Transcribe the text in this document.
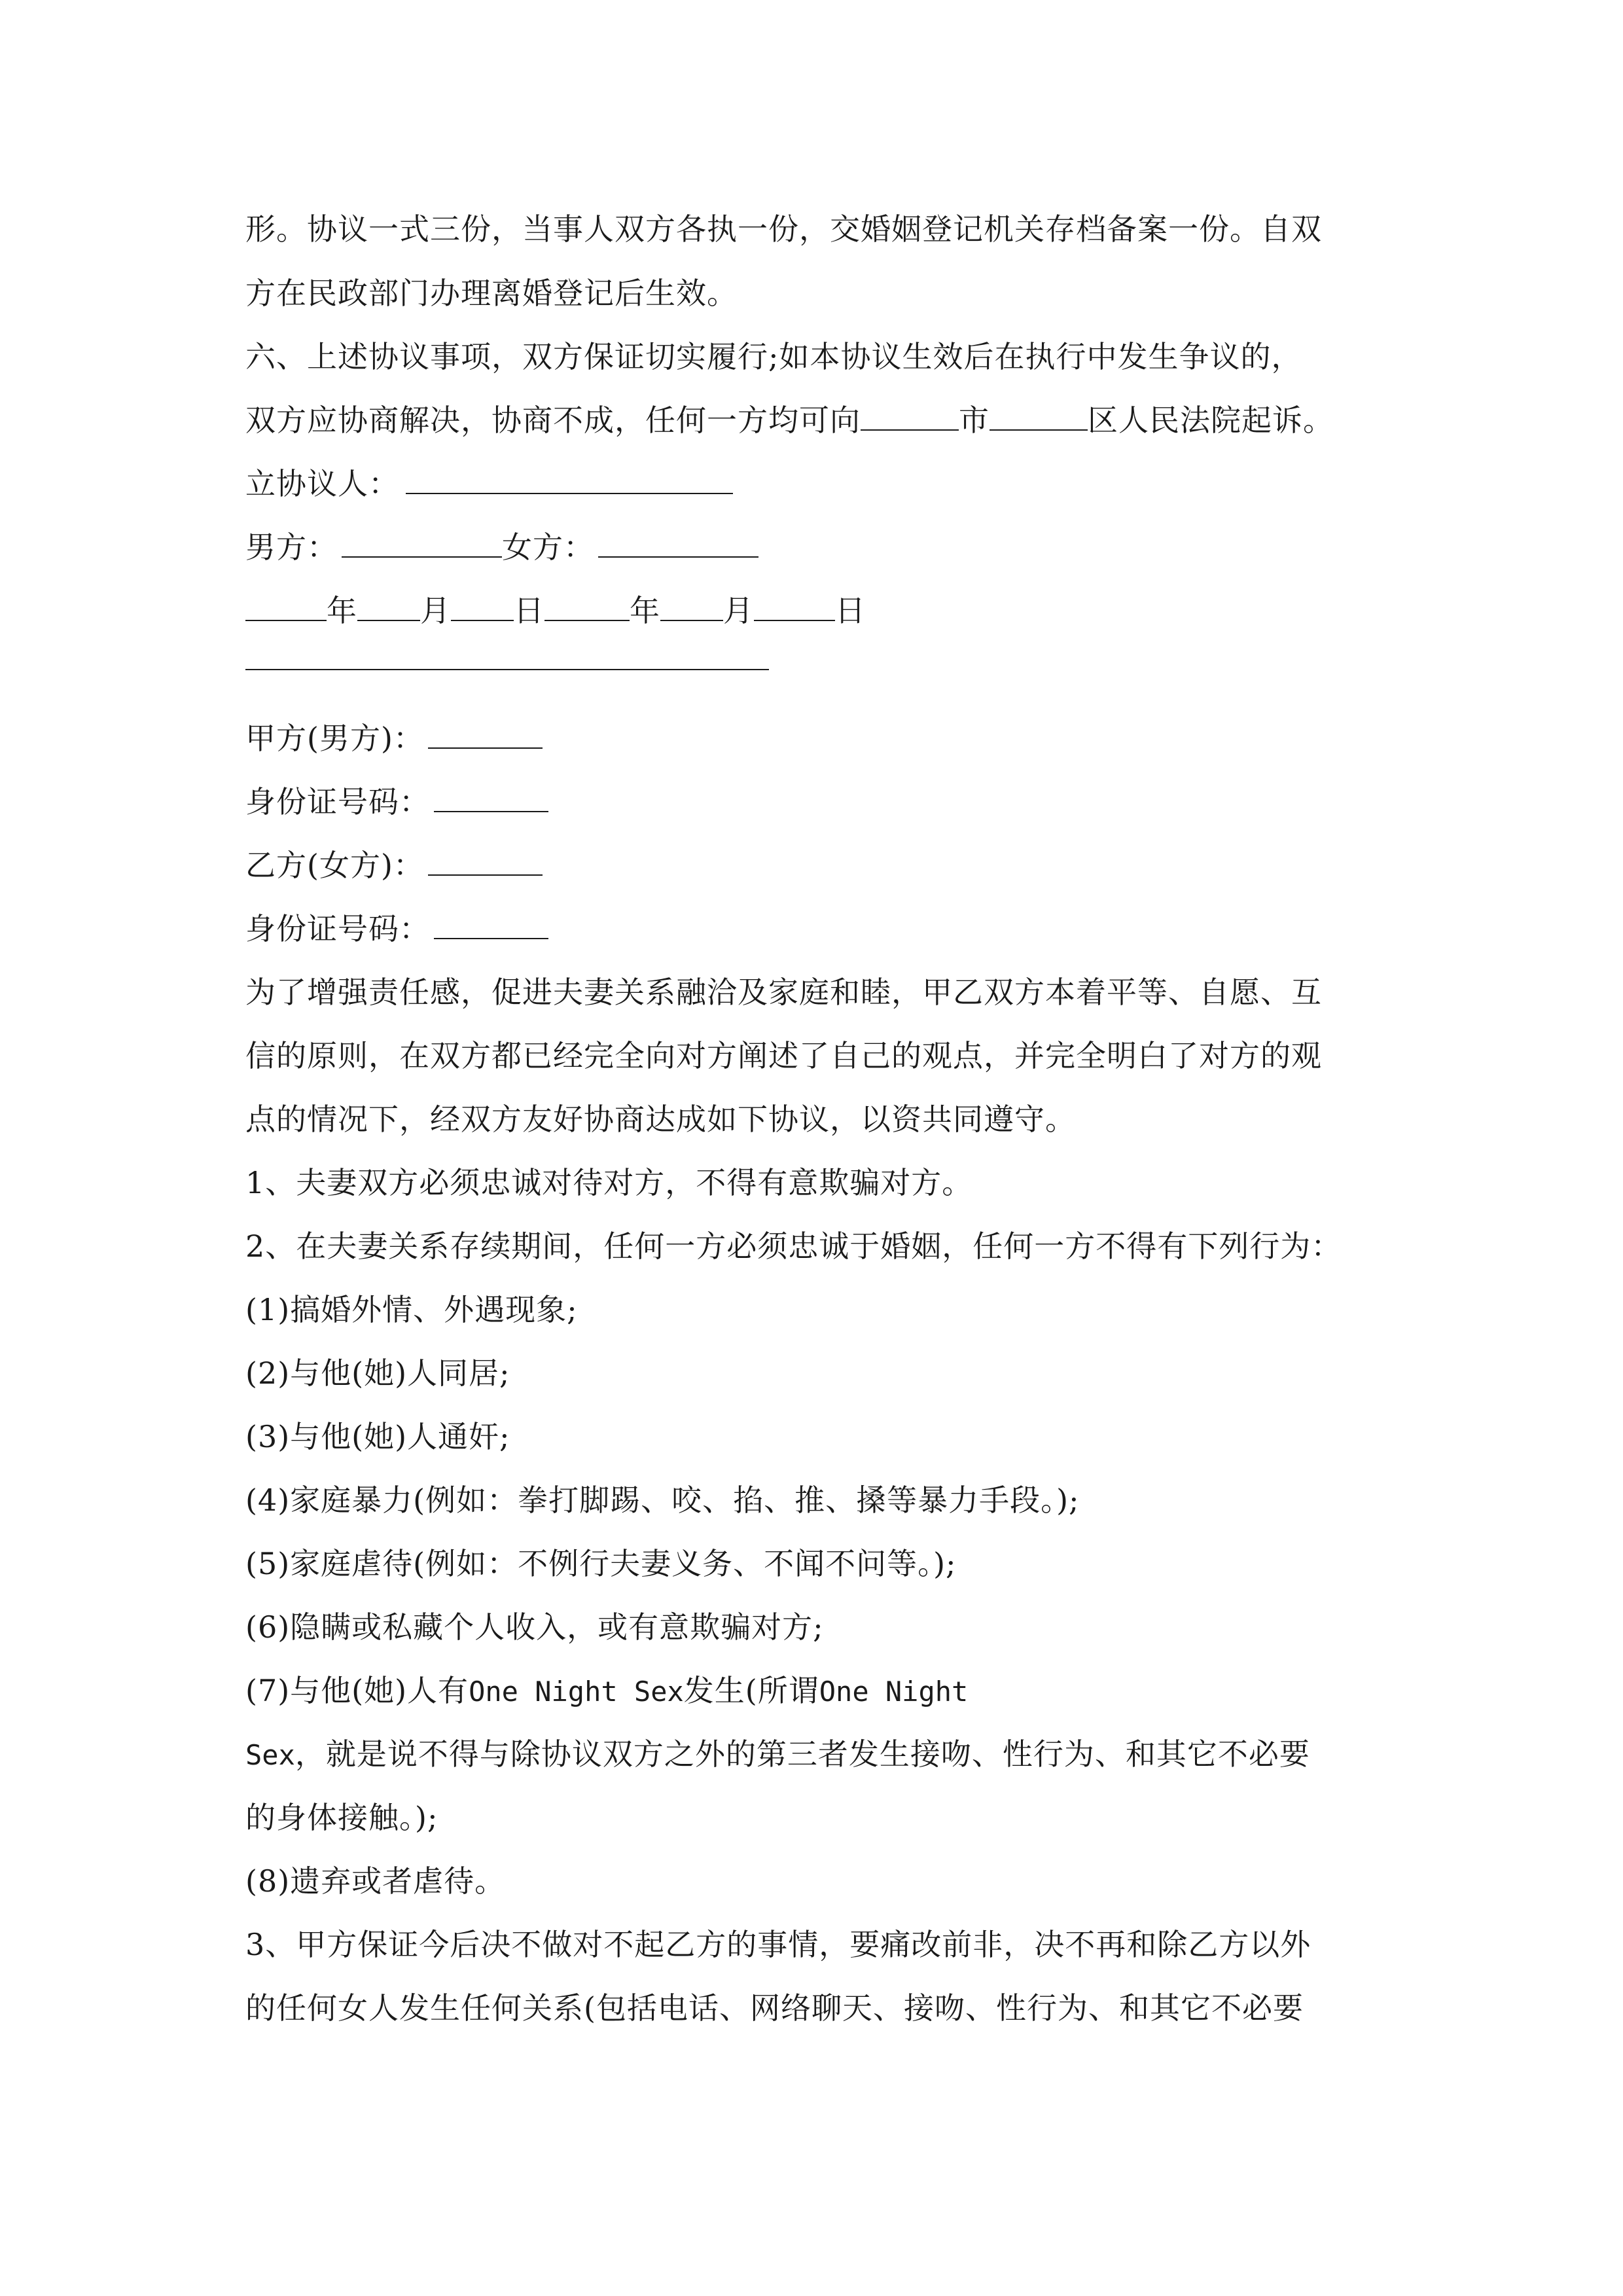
形。协议一式三份，当事人双方各执一份，交婚姻登记机关存档备案一份。自双
方在民政部门办理离婚登记后生效。
六、上述协议事项，双方保证切实履行;如本协议生效后在执行中发生争议的，
双方应协商解决，协商不成，任何一方均可向	市	区人民法院起诉。
立协议人：
男方：	女方：
年 月 日	年 月	日
甲方(男方)：
身份证号码：
乙方(女方)：
身份证号码：
为了增强责任感，促进夫妻关系融洽及家庭和睦，甲乙双方本着平等、自愿、互
信的原则，在双方都已经完全向对方阐述了自己的观点，并完全明白了对方的观
点的情况下，经双方友好协商达成如下协议，以资共同遵守。
1、夫妻双方必须忠诚对待对方，不得有意欺骗对方。
2、在夫妻关系存续期间，任何一方必须忠诚于婚姻，任何一方不得有下列行为：
(1)搞婚外情、外遇现象;
(2)与他(她)人同居;
(3)与他(她)人通奸;
(4)家庭暴力(例如：拳打脚踢、咬、掐、推、搡等暴力手段。);
(5)家庭虐待(例如：不例行夫妻义务、不闻不问等。);
(6)隐瞒或私藏个人收入，或有意欺骗对方;
(7)与他(她)人有One Night Sex发生(所谓One Night
Sex，就是说不得与除协议双方之外的第三者发生接吻、性行为、和其它不必要
的身体接触。);
(8)遗弃或者虐待。
3、甲方保证今后决不做对不起乙方的事情，要痛改前非，决不再和除乙方以外
的任何女人发生任何关系(包括电话、网络聊天、接吻、性行为、和其它不必要
